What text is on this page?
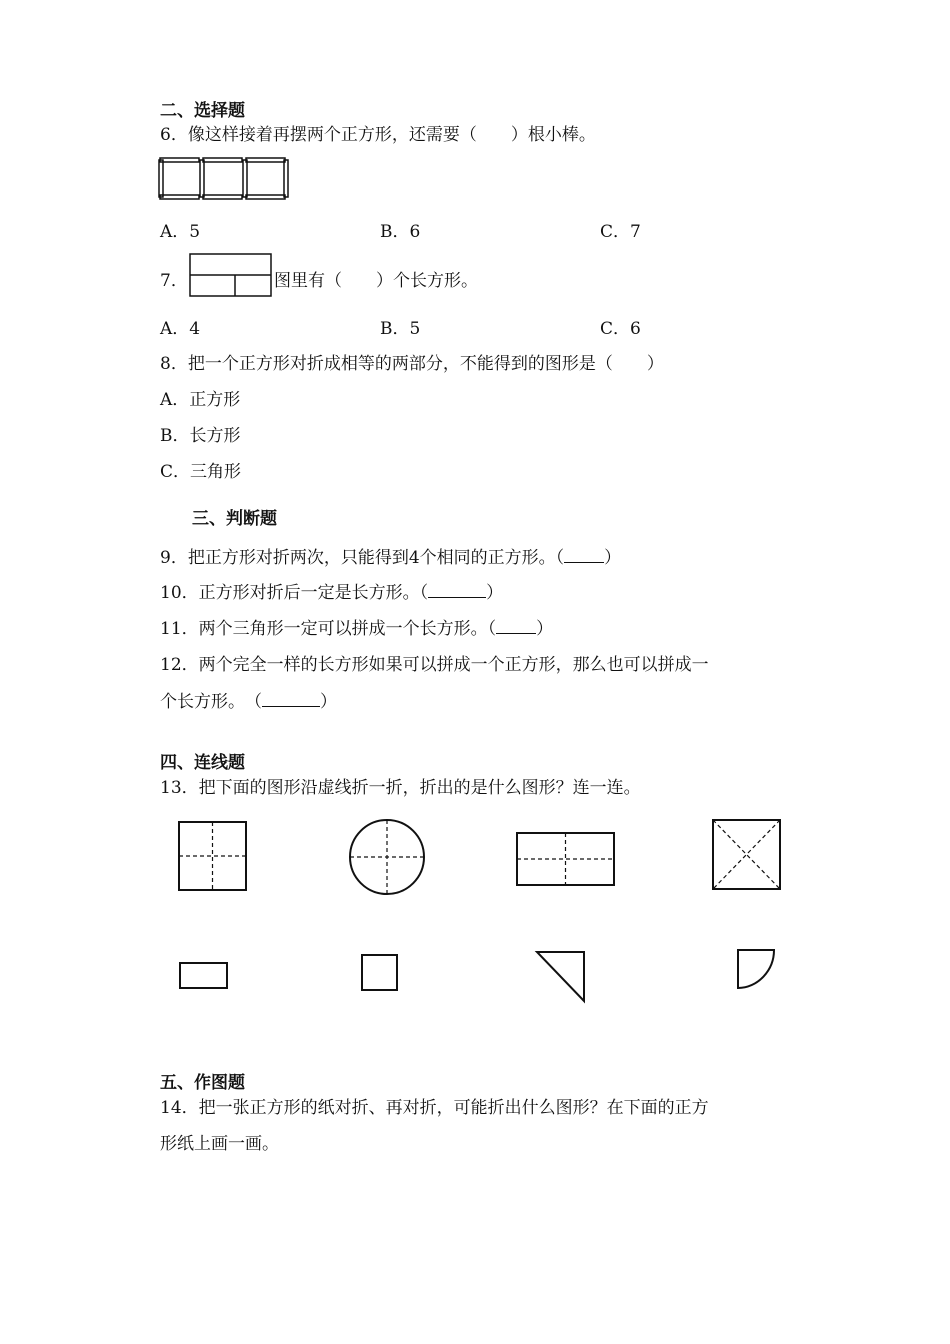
二、选择题
6．像这样接着再摆两个正方形，还需要（　　）根小棒。
A．5	B．6	C．7
7．	图里有（　　）个长方形。
A．4	B．5	C．6
8．把一个正方形对折成相等的两部分，不能得到的图形是（　　）
A．正方形
B．长方形
C．三角形
三、判断题
9．把正方形对折两次，只能得到4个相同的正方形。（ ）
10．正方形对折后一定是长方形。（	）
11．两个三角形一定可以拼成一个长方形。（ ）
12．两个完全一样的长方形如果可以拼成一个正方形，那么也可以拼成一
个长方形。　（	）
四、连线题
13．把下面的图形沿虚线折一折，折出的是什么图形？连一连。
五、作图题
14．把一张正方形的纸对折、再对折，可能折出什么图形？在下面的正方
形纸上画一画。
